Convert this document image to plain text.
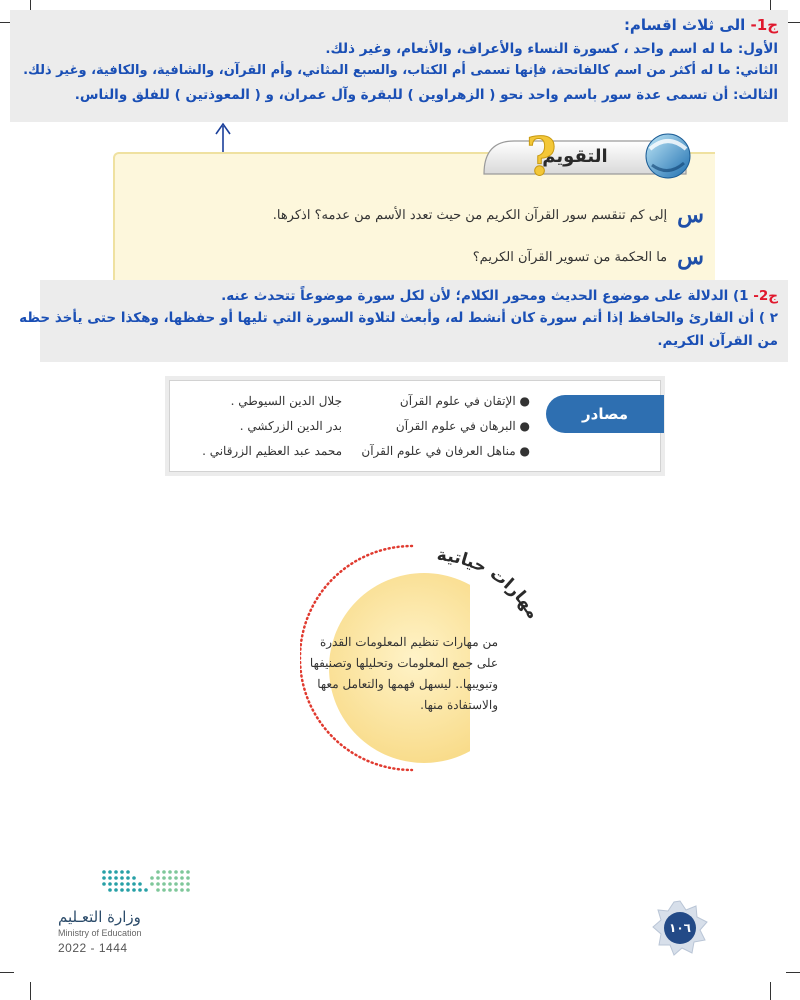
ج1- الى ثلاث اقسام:
الأول: ما له اسم واحد ، كسورة النساء والأعراف، والأنعام، وغير ذلك.
الثاني: ما له أكثر من اسم كالفاتحة، فإنها تسمى أم الكتاب، والسبع المثاني، وأم القرآن، والشافية، والكافية، وغير ذلك.
الثالث: أن تسمى عدة سور باسم واحد نحو ( الزهراوين ) للبقرة وآل عمران، و ( المعوذتين ) للفلق والناس.
?
التقويم
س
إلى كم تنقسم سور القرآن الكريم من حيث تعدد الأسم من عدمه؟ اذكرها.
س
ما الحكمة من تسوير القرآن الكريم؟
ج2- 1) الدلالة على موضوع الحديث ومحور الكلام؛ لأن لكل سورة موضوعاً تتحدث عنه.
٢ ) أن القارئ والحافظ إذا أتم سورة كان أنشط له، وأبعث لتلاوة السورة التي تليها أو حفظها، وهكذا حتى يأخذ حظه
من القرآن الكريم.
مصادر
● الإتقان في علوم القرآن
جلال الدين السيوطي .
● البرهان في علوم القرآن
بدر الدين الزركشي .
● مناهل العرفان في علوم القرآن
محمد عبد العظيم الزرقاني .
مهارات حياتية
من مهارات تنظيم المعلومات القدرة
على جمع المعلومات وتحليلها وتصنيفها
وتبويبها.. ليسهل فهمها والتعامل معها
والاستفادة منها.
وزارة التعـليم
Ministry of Education
2022 - 1444
١٠٦
